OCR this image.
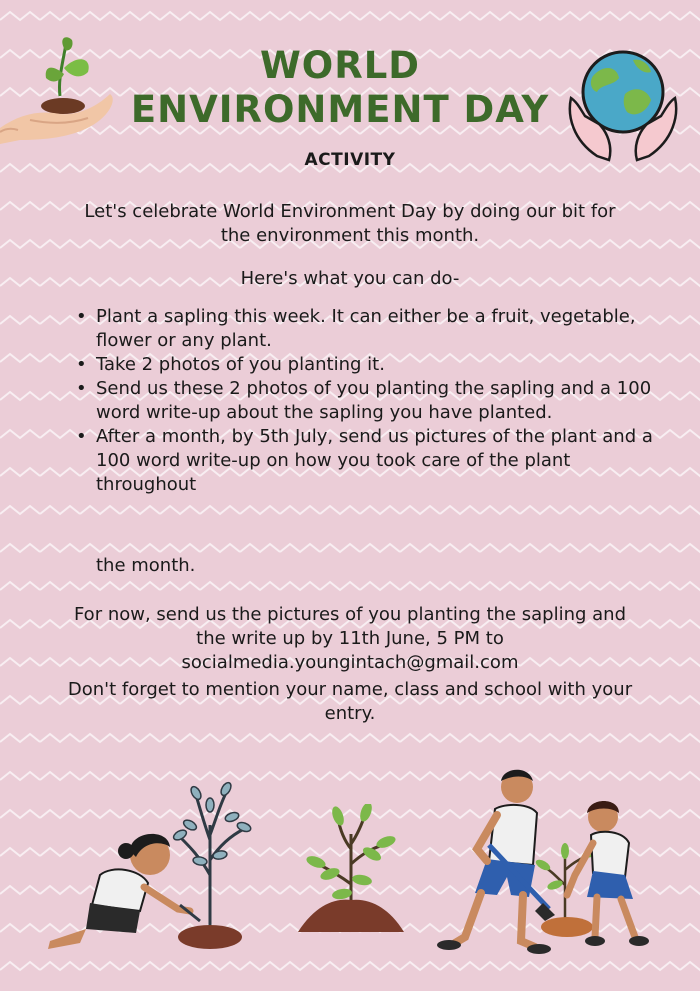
WORLD ENVIRONMENT DAY
ACTIVITY

Let's celebrate World Environment Day by doing our bit for the environment this month.

Here's what you can do-

• Plant a sapling this week. It can either be a fruit, vegetable, flower or any plant.
• Take 2 photos of you planting it.
• Send us these 2 photos of you planting the sapling and a 100 word write-up about the sapling you have planted.
• After a month, by 5th July, send us pictures of the plant and a 100 word write-up on how you took care of the plant throughout

the month.

For now, send us the pictures of you planting the sapling and the write up by 11th June, 5 PM to
socialmedia.youngintach@gmail.com

Don't forget to mention your name, class and school with your entry.
